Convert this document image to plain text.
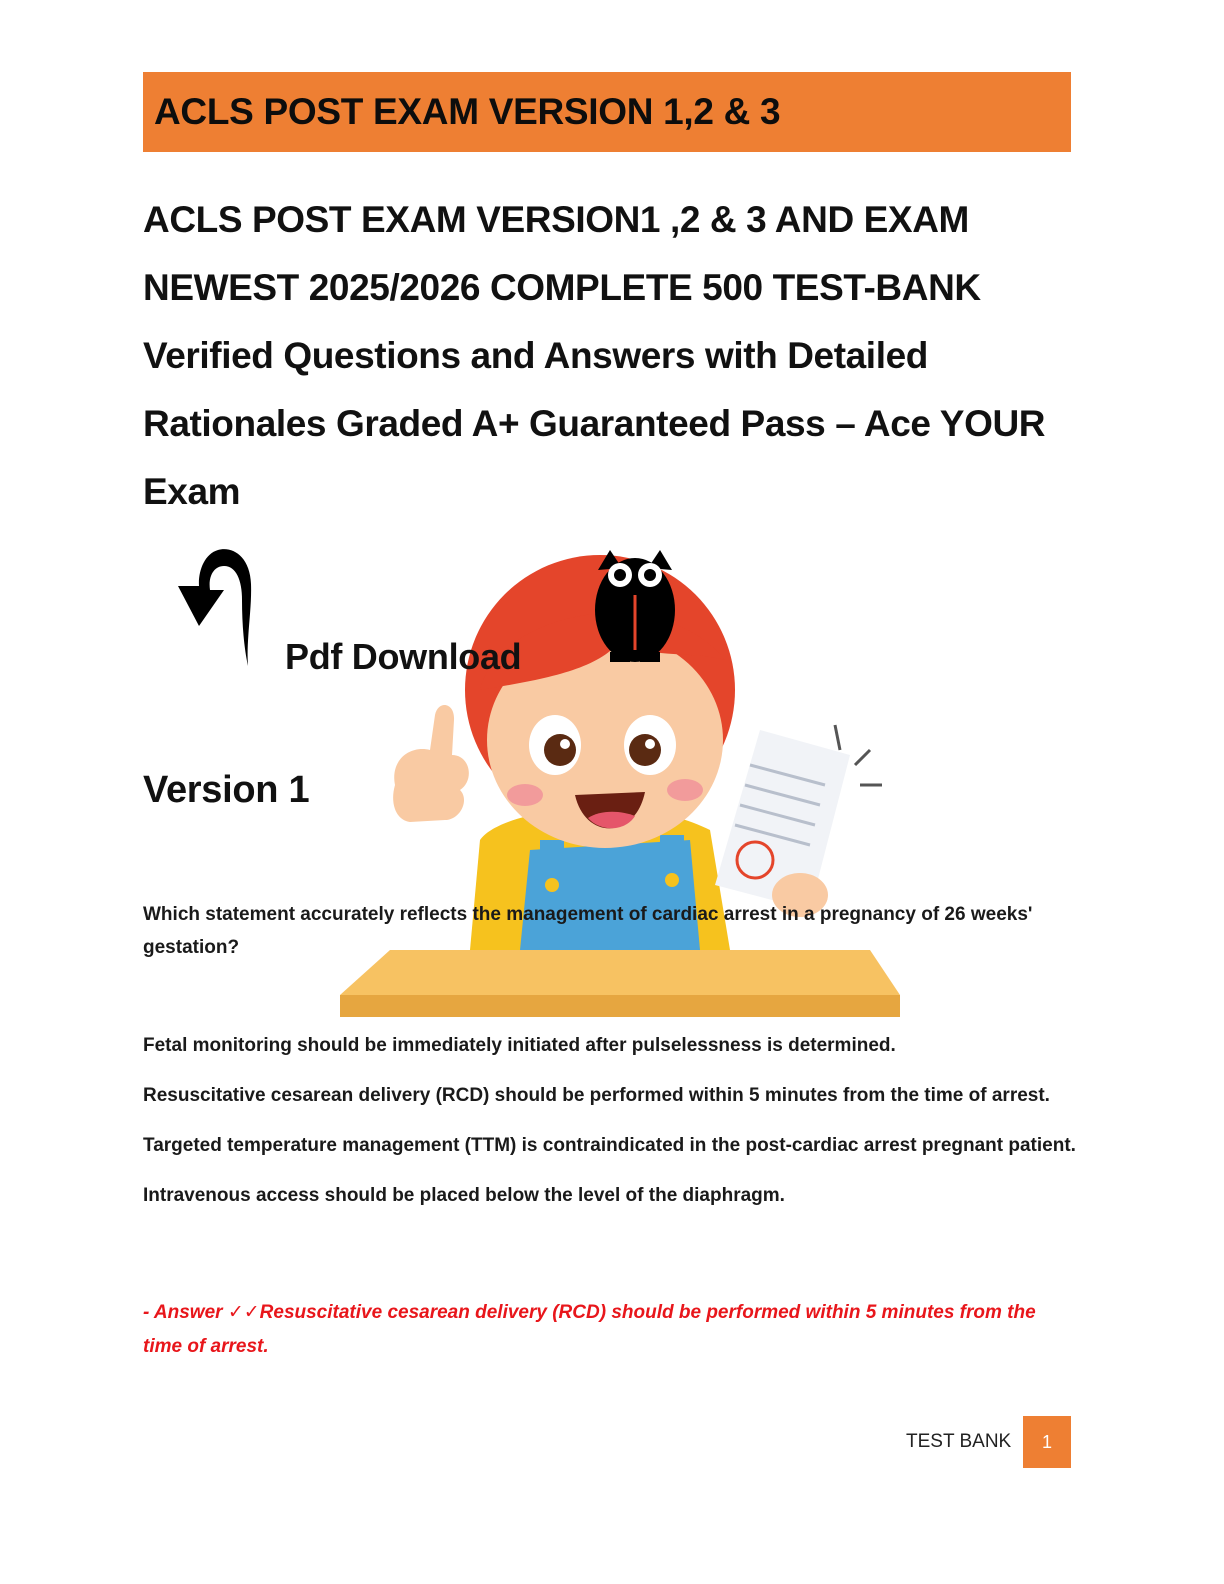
ACLS POST EXAM VERSION 1,2 & 3
ACLS POST EXAM VERSION1 ,2 & 3 AND EXAM NEWEST 2025/2026 COMPLETE 500 TEST-BANK Verified Questions and Answers with Detailed Rationales Graded A+ Guaranteed Pass – Ace YOUR Exam
Pdf Download
Version 1

Which statement accurately reflects the management of cardiac arrest in a pregnancy of 26 weeks' gestation?

Fetal monitoring should be immediately initiated after pulselessness is determined.
Resuscitative cesarean delivery (RCD) should be performed within 5 minutes from the time of arrest.
Targeted temperature management (TTM) is contraindicated in the post-cardiac arrest pregnant patient.
Intravenous access should be placed below the level of the diaphragm.

- Answer ✓✓Resuscitative cesarean delivery (RCD) should be performed within 5 minutes from the time of arrest.

TEST BANK 1
